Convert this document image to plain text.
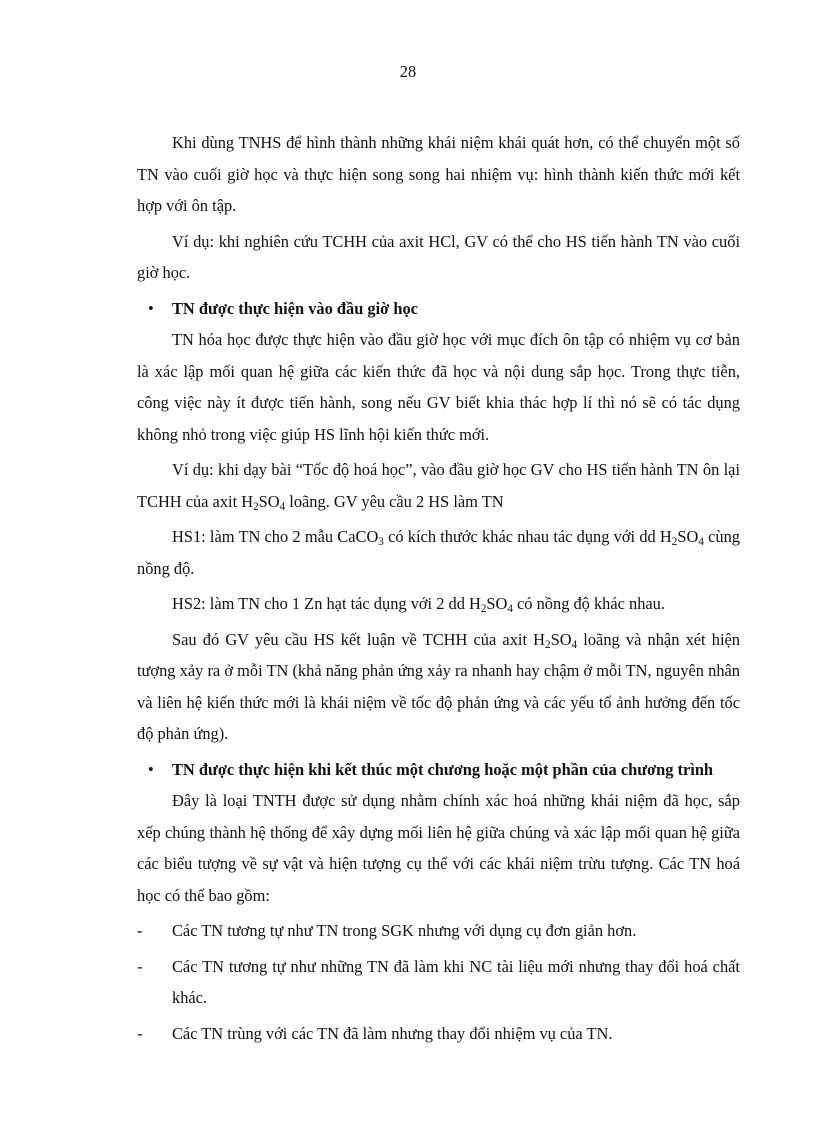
28

Khi dùng TNHS để hình thành những khái niệm khái quát hơn, có thể chuyển một số TN vào cuối giờ học và thực hiện song song hai nhiệm vụ: hình thành kiến thức mới kết hợp với ôn tập.

Ví dụ: khi nghiên cứu TCHH của axit HCl, GV có thể cho HS tiến hành TN vào cuối giờ học.

• TN được thực hiện vào đầu giờ học

TN hóa học được thực hiện vào đầu giờ học với mục đích ôn tập có nhiệm vụ cơ bản là xác lập mối quan hệ giữa các kiến thức đã học và nội dung sắp học. Trong thực tiễn, công việc này ít được tiến hành, song nếu GV biết khia thác hợp lí thì nó sẽ có tác dụng không nhỏ trong việc giúp HS lĩnh hội kiến thức mới.

Ví dụ: khi dạy bài “Tốc độ hoá học”, vào đầu giờ học GV cho HS tiến hành TN ôn lại TCHH của axit $H_2SO_4$ loãng. GV yêu cầu 2 HS làm TN

HS1: làm TN cho 2 mẫu CaCO$_3$ có kích thước khác nhau tác dụng với dd $H_2SO_4$ cùng nồng độ.

HS2: làm TN cho 1 Zn hạt tác dụng với 2 dd $H_2SO_4$ có nồng độ khác nhau.

Sau đó GV yêu cầu HS kết luận về TCHH của axit $H_2SO_4$ loãng và nhận xét hiện tượng xảy ra ở mỗi TN (khả năng phản ứng xảy ra nhanh hay chậm ở mỗi TN, nguyên nhân và liên hệ kiến thức mới là khái niệm về tốc độ phản ứng và các yếu tố ảnh hưởng đến tốc độ phản ứng).

• TN được thực hiện khi kết thúc một chương hoặc một phần của chương trình

Đây là loại TNTH được sử dụng nhằm chính xác hoá những khái niệm đã học, sắp xếp chúng thành hệ thống để xây dựng mối liên hệ giữa chúng và xác lập mối quan hệ giữa các biểu tượng về sự vật và hiện tượng cụ thể với các khái niệm trừu tượng. Các TN hoá học có thể bao gồm:

- Các TN tương tự như TN trong SGK nhưng với dụng cụ đơn giản hơn.
- Các TN tương tự như những TN đã làm khi NC tài liệu mới nhưng thay đổi hoá chất khác.
- Các TN trùng với các TN đã làm nhưng thay đổi nhiệm vụ của TN.
